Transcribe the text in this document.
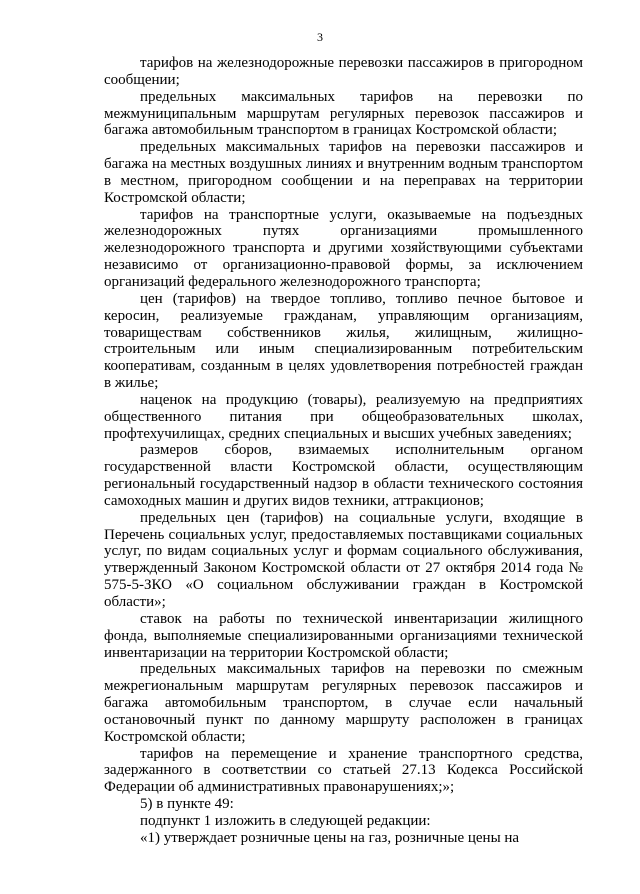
3

тарифов на железнодорожные перевозки пассажиров в пригородном сообщении;

предельных максимальных тарифов на перевозки по межмуниципальным маршрутам регулярных перевозок пассажиров и багажа автомобильным транспортом в границах Костромской области;

предельных максимальных тарифов на перевозки пассажиров и багажа на местных воздушных линиях и внутренним водным транспортом в местном, пригородном сообщении и на переправах на территории Костромской области;

тарифов на транспортные услуги, оказываемые на подъездных железнодорожных путях организациями промышленного железнодорожного транспорта и другими хозяйствующими субъектами независимо от организационно-правовой формы, за исключением организаций федерального железнодорожного транспорта;

цен (тарифов) на твердое топливо, топливо печное бытовое и керосин, реализуемые гражданам, управляющим организациям, товариществам собственников жилья, жилищным, жилищно-строительным или иным специализированным потребительским кооперативам, созданным в целях удовлетворения потребностей граждан в жилье;

наценок на продукцию (товары), реализуемую на предприятиях общественного питания при общеобразовательных школах, профтехучилищах, средних специальных и высших учебных заведениях;

размеров сборов, взимаемых исполнительным органом государственной власти Костромской области, осуществляющим региональный государственный надзор в области технического состояния самоходных машин и других видов техники, аттракционов;

предельных цен (тарифов) на социальные услуги, входящие в Перечень социальных услуг, предоставляемых поставщиками социальных услуг, по видам социальных услуг и формам социального обслуживания, утвержденный Законом Костромской области от 27 октября 2014 года № 575-5-ЗКО «О социальном обслуживании граждан в Костромской области»;

ставок на работы по технической инвентаризации жилищного фонда, выполняемые специализированными организациями технической инвентаризации на территории Костромской области;

предельных максимальных тарифов на перевозки по смежным межрегиональным маршрутам регулярных перевозок пассажиров и багажа автомобильным транспортом, в случае если начальный остановочный пункт по данному маршруту расположен в границах Костромской области;

тарифов на перемещение и хранение транспортного средства, задержанного в соответствии со статьей 27.13 Кодекса Российской Федерации об административных правонарушениях;»;

5) в пункте 49:

подпункт 1 изложить в следующей редакции:

«1) утверждает розничные цены на газ, розничные цены на
